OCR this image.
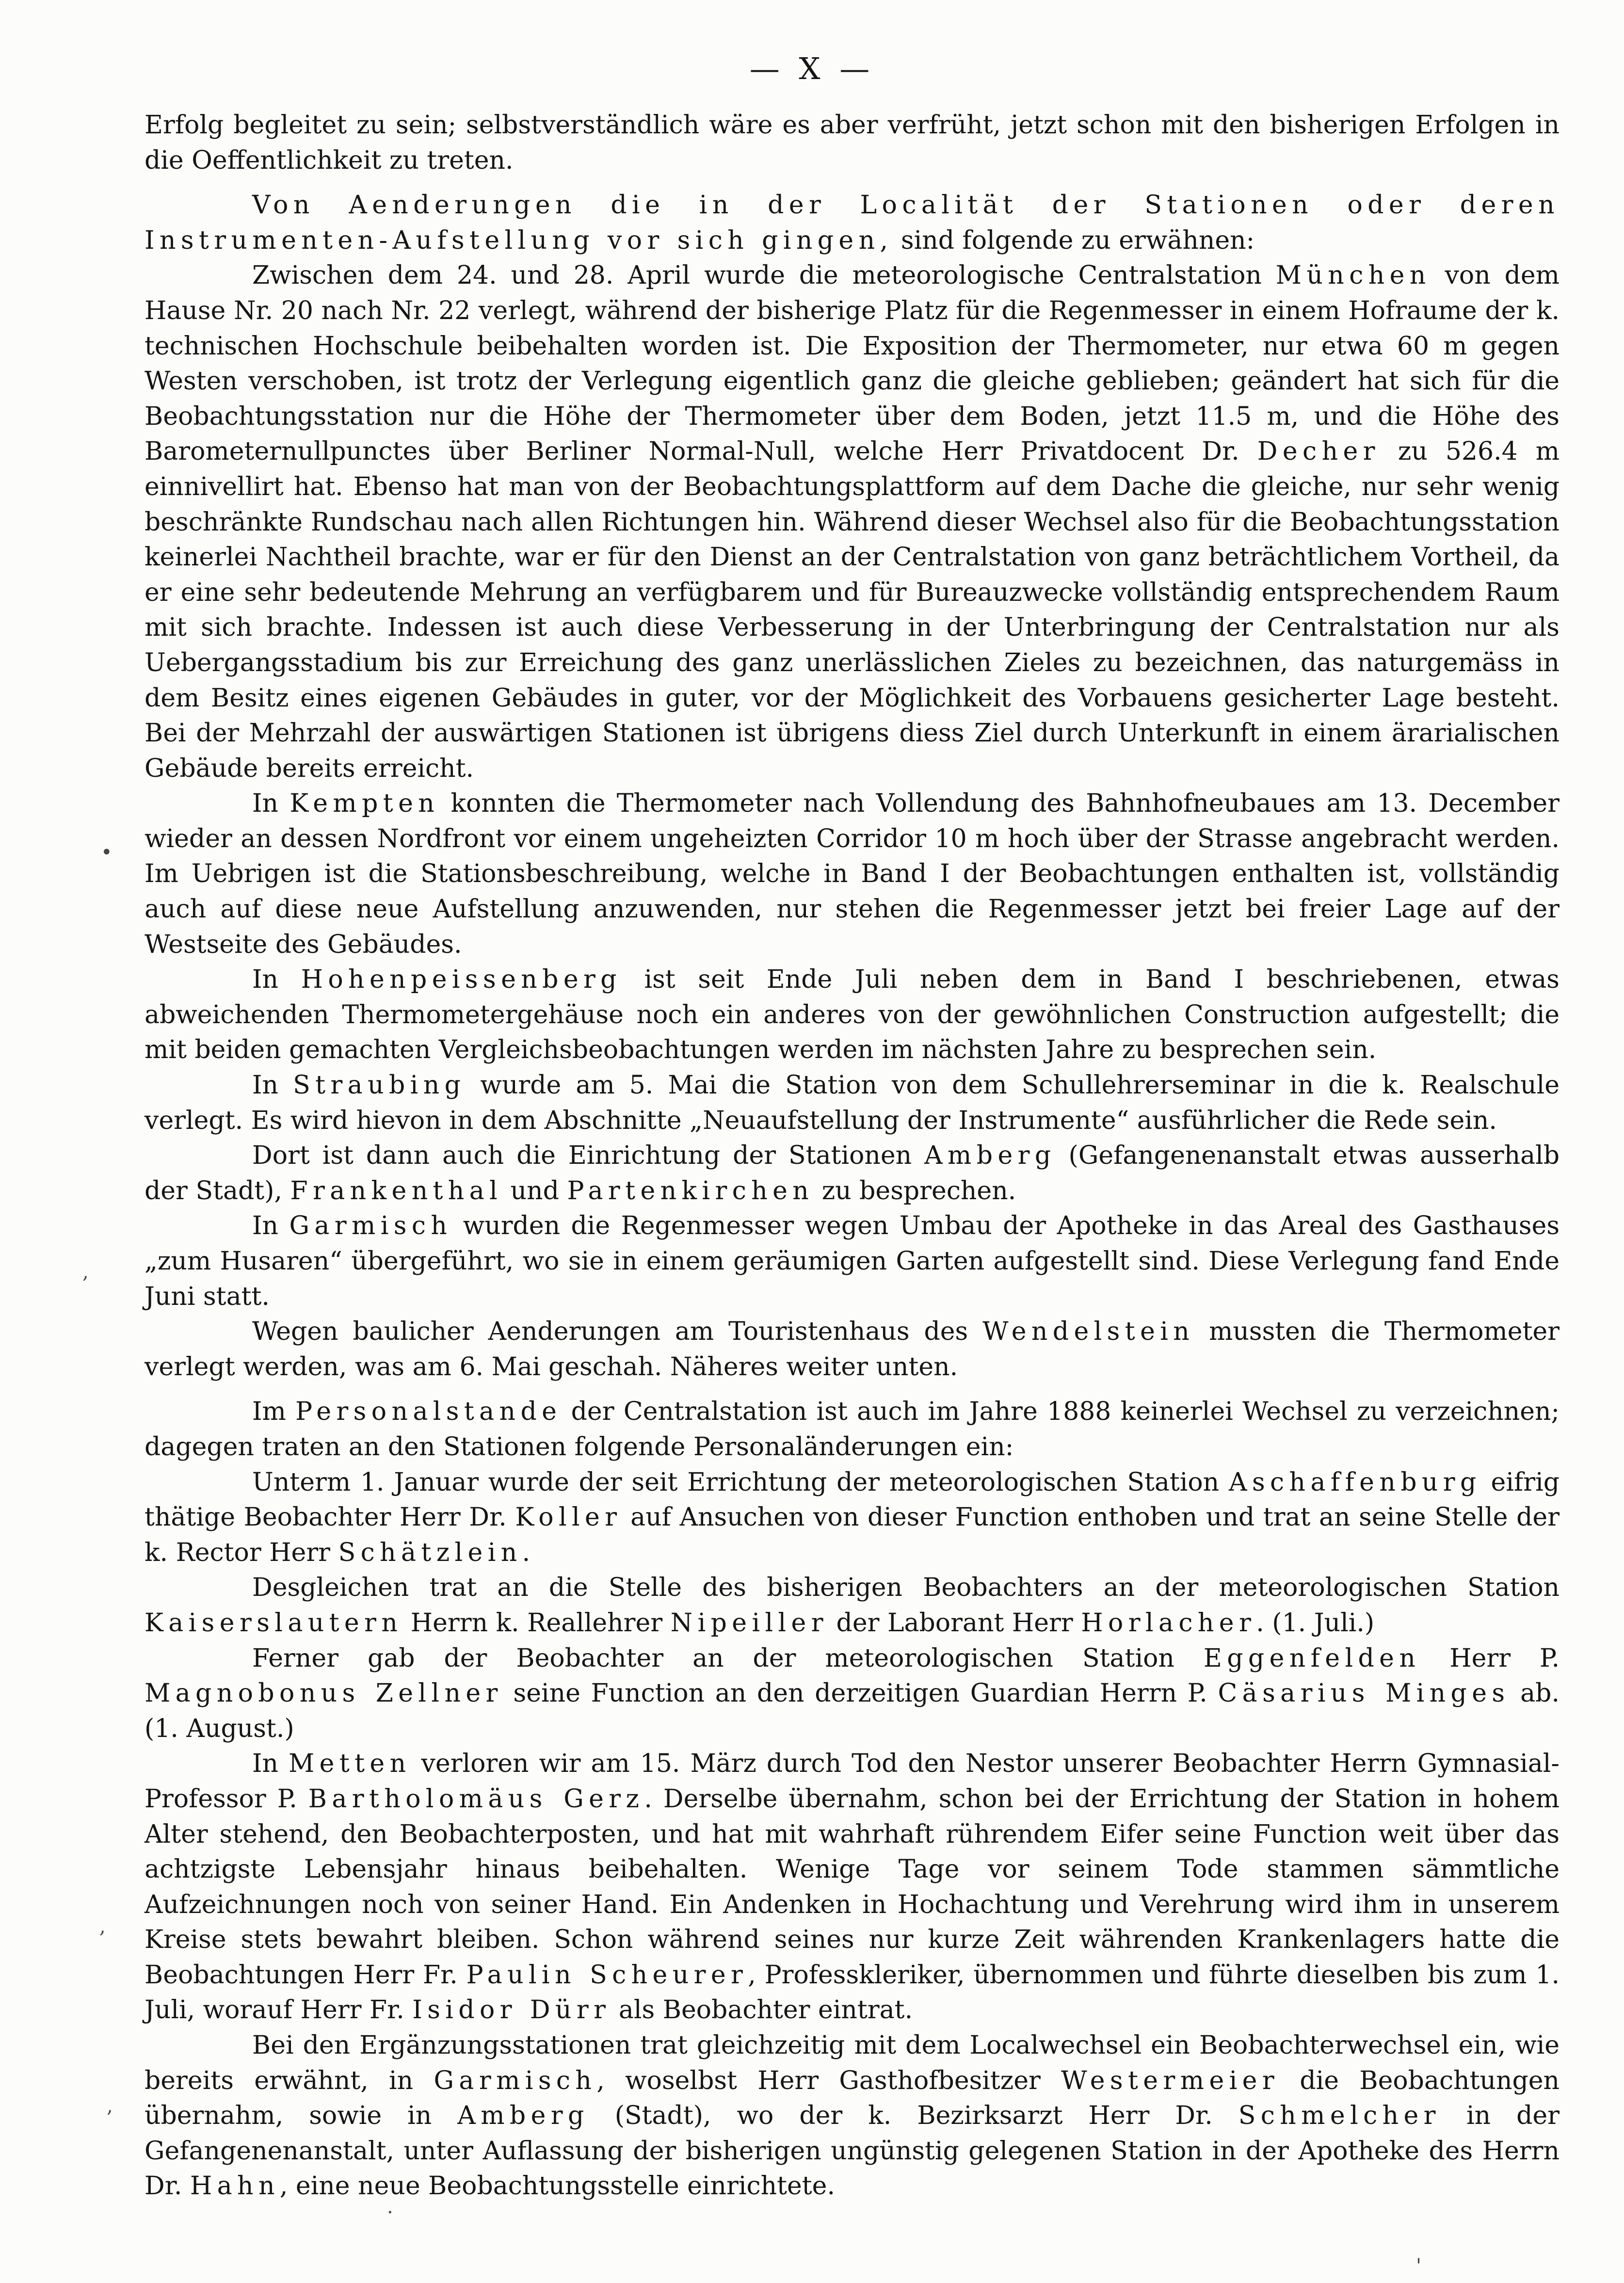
— X —

Erfolg begleitet zu sein; selbstverständlich wäre es aber verfrüht, jetzt schon mit den bisherigen Erfolgen in die Oeffentlichkeit zu treten.

Von Aenderungen die in der Localität der Stationen oder deren Instrumenten-Aufstellung vor sich gingen, sind folgende zu erwähnen:

Zwischen dem 24. und 28. April wurde die meteorologische Centralstation München von dem Hause Nr. 20 nach Nr. 22 verlegt, während der bisherige Platz für die Regenmesser in einem Hofraume der k. technischen Hochschule beibehalten worden ist. Die Exposition der Thermometer, nur etwa 60 m gegen Westen verschoben, ist trotz der Verlegung eigentlich ganz die gleiche geblieben; geändert hat sich für die Beobachtungsstation nur die Höhe der Thermometer über dem Boden, jetzt 11.5 m, und die Höhe des Barometernullpunctes über Berliner Normal-Null, welche Herr Privatdocent Dr. Decher zu 526.4 m einnivellirt hat. Ebenso hat man von der Beobachtungsplattform auf dem Dache die gleiche, nur sehr wenig beschränkte Rundschau nach allen Richtungen hin. Während dieser Wechsel also für die Beobachtungsstation keinerlei Nachtheil brachte, war er für den Dienst an der Centralstation von ganz beträchtlichem Vortheil, da er eine sehr bedeutende Mehrung an verfügbarem und für Bureauzwecke vollständig entsprechendem Raum mit sich brachte. Indessen ist auch diese Verbesserung in der Unterbringung der Centralstation nur als Uebergangsstadium bis zur Erreichung des ganz unerlässlichen Zieles zu bezeichnen, das naturgemäss in dem Besitz eines eigenen Gebäudes in guter, vor der Möglichkeit des Vorbauens gesicherter Lage besteht. Bei der Mehrzahl der auswärtigen Stationen ist übrigens diess Ziel durch Unterkunft in einem ärarialischen Gebäude bereits erreicht.

In Kempten konnten die Thermometer nach Vollendung des Bahnhofneubaues am 13. December wieder an dessen Nordfront vor einem ungeheizten Corridor 10 m hoch über der Strasse angebracht werden. Im Uebrigen ist die Stationsbeschreibung, welche in Band I der Beobachtungen enthalten ist, vollständig auch auf diese neue Aufstellung anzuwenden, nur stehen die Regenmesser jetzt bei freier Lage auf der Westseite des Gebäudes.

In Hohenpeissenberg ist seit Ende Juli neben dem in Band I beschriebenen, etwas abweichenden Thermometergehäuse noch ein anderes von der gewöhnlichen Construction aufgestellt; die mit beiden gemachten Vergleichsbeobachtungen werden im nächsten Jahre zu besprechen sein.

In Straubing wurde am 5. Mai die Station von dem Schullehrerseminar in die k. Realschule verlegt. Es wird hievon in dem Abschnitte „Neuaufstellung der Instrumente“ ausführlicher die Rede sein.

Dort ist dann auch die Einrichtung der Stationen Amberg (Gefangenenanstalt etwas ausserhalb der Stadt), Frankenthal und Partenkirchen zu besprechen.

In Garmisch wurden die Regenmesser wegen Umbau der Apotheke in das Areal des Gasthauses „zum Husaren“ übergeführt, wo sie in einem geräumigen Garten aufgestellt sind. Diese Verlegung fand Ende Juni statt.

Wegen baulicher Aenderungen am Touristenhaus des Wendelstein mussten die Thermometer verlegt werden, was am 6. Mai geschah. Näheres weiter unten.

Im Personalstande der Centralstation ist auch im Jahre 1888 keinerlei Wechsel zu verzeichnen; dagegen traten an den Stationen folgende Personaländerungen ein:

Unterm 1. Januar wurde der seit Errichtung der meteorologischen Station Aschaffenburg eifrig thätige Beobachter Herr Dr. Koller auf Ansuchen von dieser Function enthoben und trat an seine Stelle der k. Rector Herr Schätzlein.

Desgleichen trat an die Stelle des bisherigen Beobachters an der meteorologischen Station Kaiserslautern Herrn k. Reallehrer Nipeiller der Laborant Herr Horlacher. (1. Juli.)

Ferner gab der Beobachter an der meteorologischen Station Eggenfelden Herr P. Magnobonus Zellner seine Function an den derzeitigen Guardian Herrn P. Cäsarius Minges ab. (1. August.)

In Metten verloren wir am 15. März durch Tod den Nestor unserer Beobachter Herrn Gymnasial-Professor P. Bartholomäus Gerz. Derselbe übernahm, schon bei der Errichtung der Station in hohem Alter stehend, den Beobachterposten, und hat mit wahrhaft rührendem Eifer seine Function weit über das achtzigste Lebensjahr hinaus beibehalten. Wenige Tage vor seinem Tode stammen sämmtliche Aufzeichnungen noch von seiner Hand. Ein Andenken in Hochachtung und Verehrung wird ihm in unserem Kreise stets bewahrt bleiben. Schon während seines nur kurze Zeit währenden Krankenlagers hatte die Beobachtungen Herr Fr. Paulin Scheurer, Professkleriker, übernommen und führte dieselben bis zum 1. Juli, worauf Herr Fr. Isidor Dürr als Beobachter eintrat.

Bei den Ergänzungsstationen trat gleichzeitig mit dem Localwechsel ein Beobachterwechsel ein, wie bereits erwähnt, in Garmisch, woselbst Herr Gasthofbesitzer Westermeier die Beobachtungen übernahm, sowie in Amberg (Stadt), wo der k. Bezirksarzt Herr Dr. Schmelcher in der Gefangenenanstalt, unter Auflassung der bisherigen ungünstig gelegenen Station in der Apotheke des Herrn Dr. Hahn, eine neue Beobachtungsstelle einrichtete.

•
,
,
,
·
'
